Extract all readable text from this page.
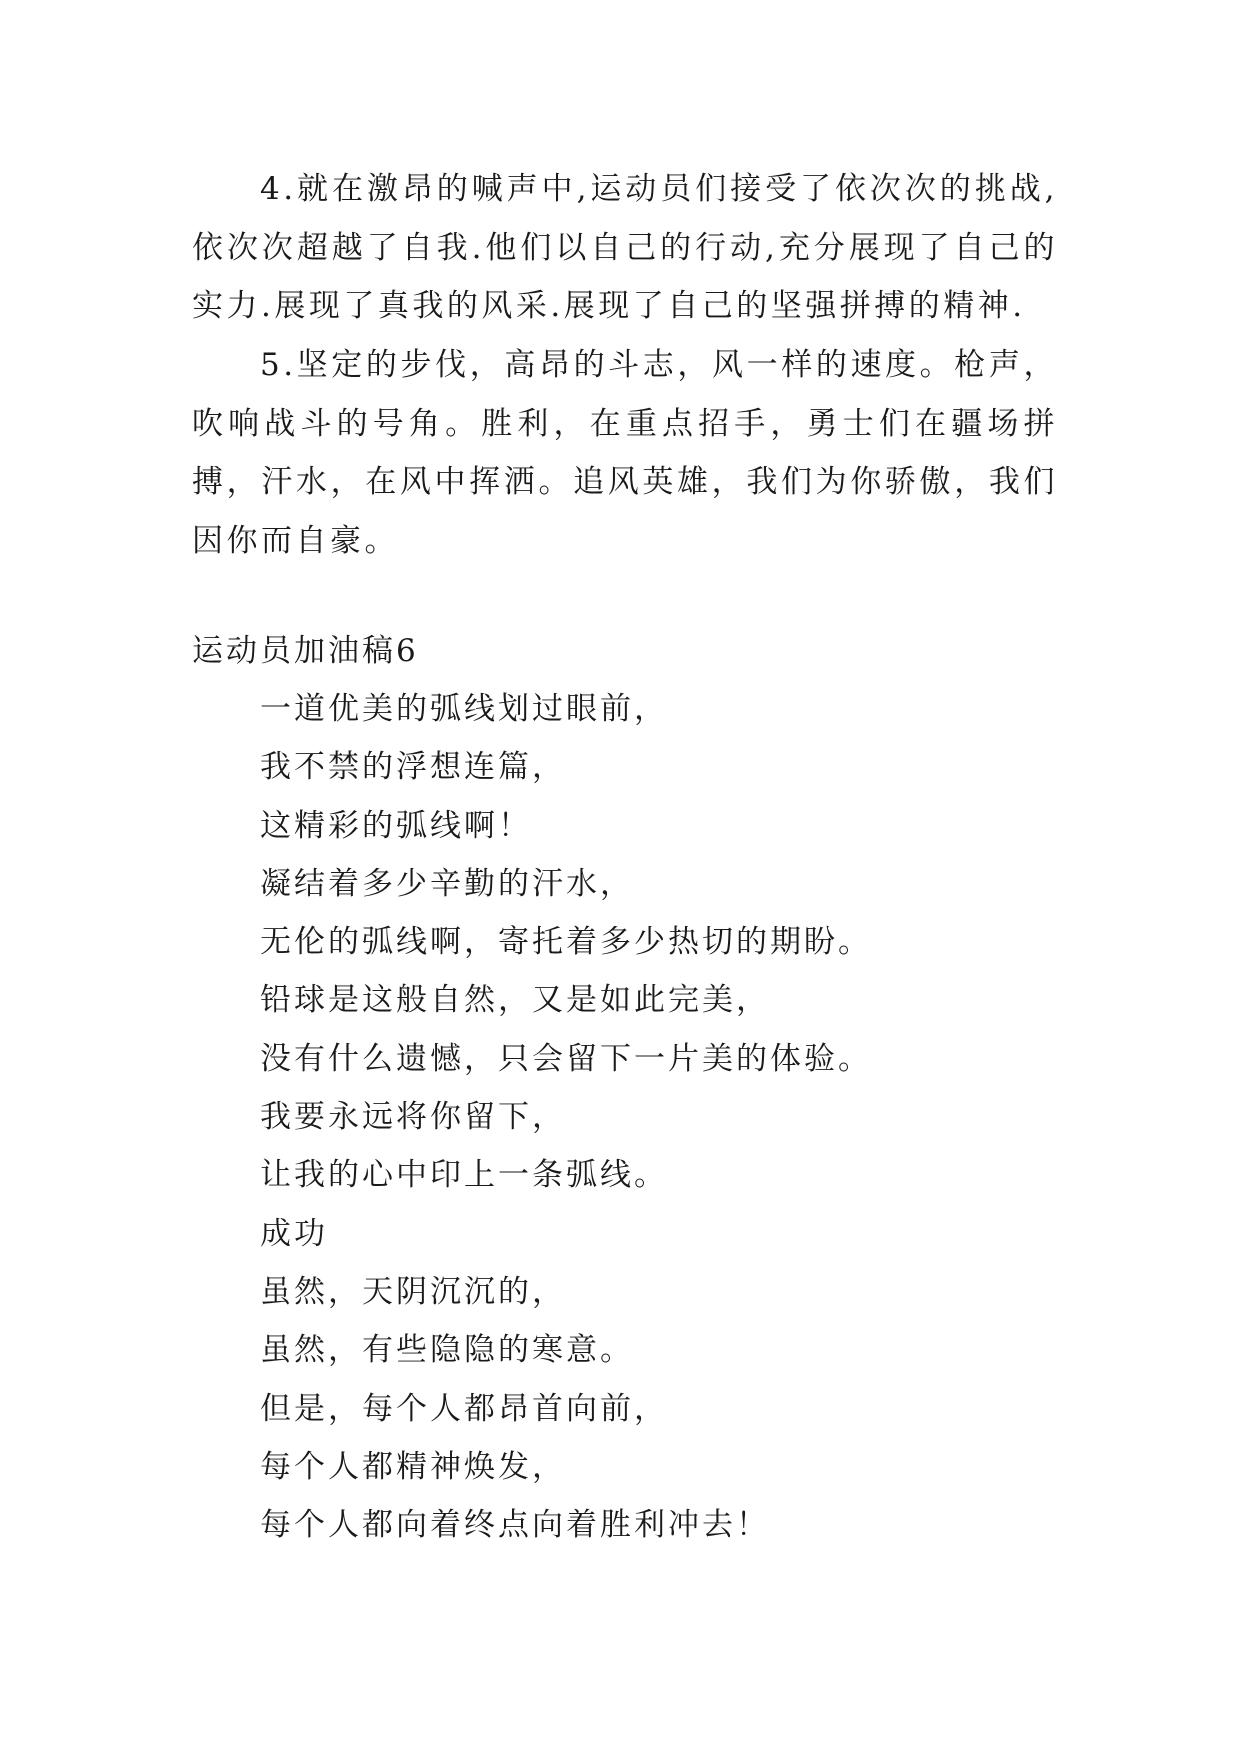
4.就在激昂的喊声中,运动员们接受了依次次的挑战,依次次超越了自我.他们以自己的行动,充分展现了自己的实力.展现了真我的风采.展现了自己的坚强拼搏的精神.

5.坚定的步伐，高昂的斗志，风一样的速度。枪声，吹响战斗的号角。胜利，在重点招手，勇士们在疆场拼搏，汗水，在风中挥洒。追风英雄，我们为你骄傲，我们因你而自豪。

运动员加油稿6
一道优美的弧线划过眼前，
我不禁的浮想连篇，
这精彩的弧线啊！
凝结着多少辛勤的汗水，
无伦的弧线啊，寄托着多少热切的期盼。
铅球是这般自然，又是如此完美，
没有什么遗憾，只会留下一片美的体验。
我要永远将你留下，
让我的心中印上一条弧线。
成功
虽然，天阴沉沉的，
虽然，有些隐隐的寒意。
但是，每个人都昂首向前，
每个人都精神焕发，
每个人都向着终点向着胜利冲去！
